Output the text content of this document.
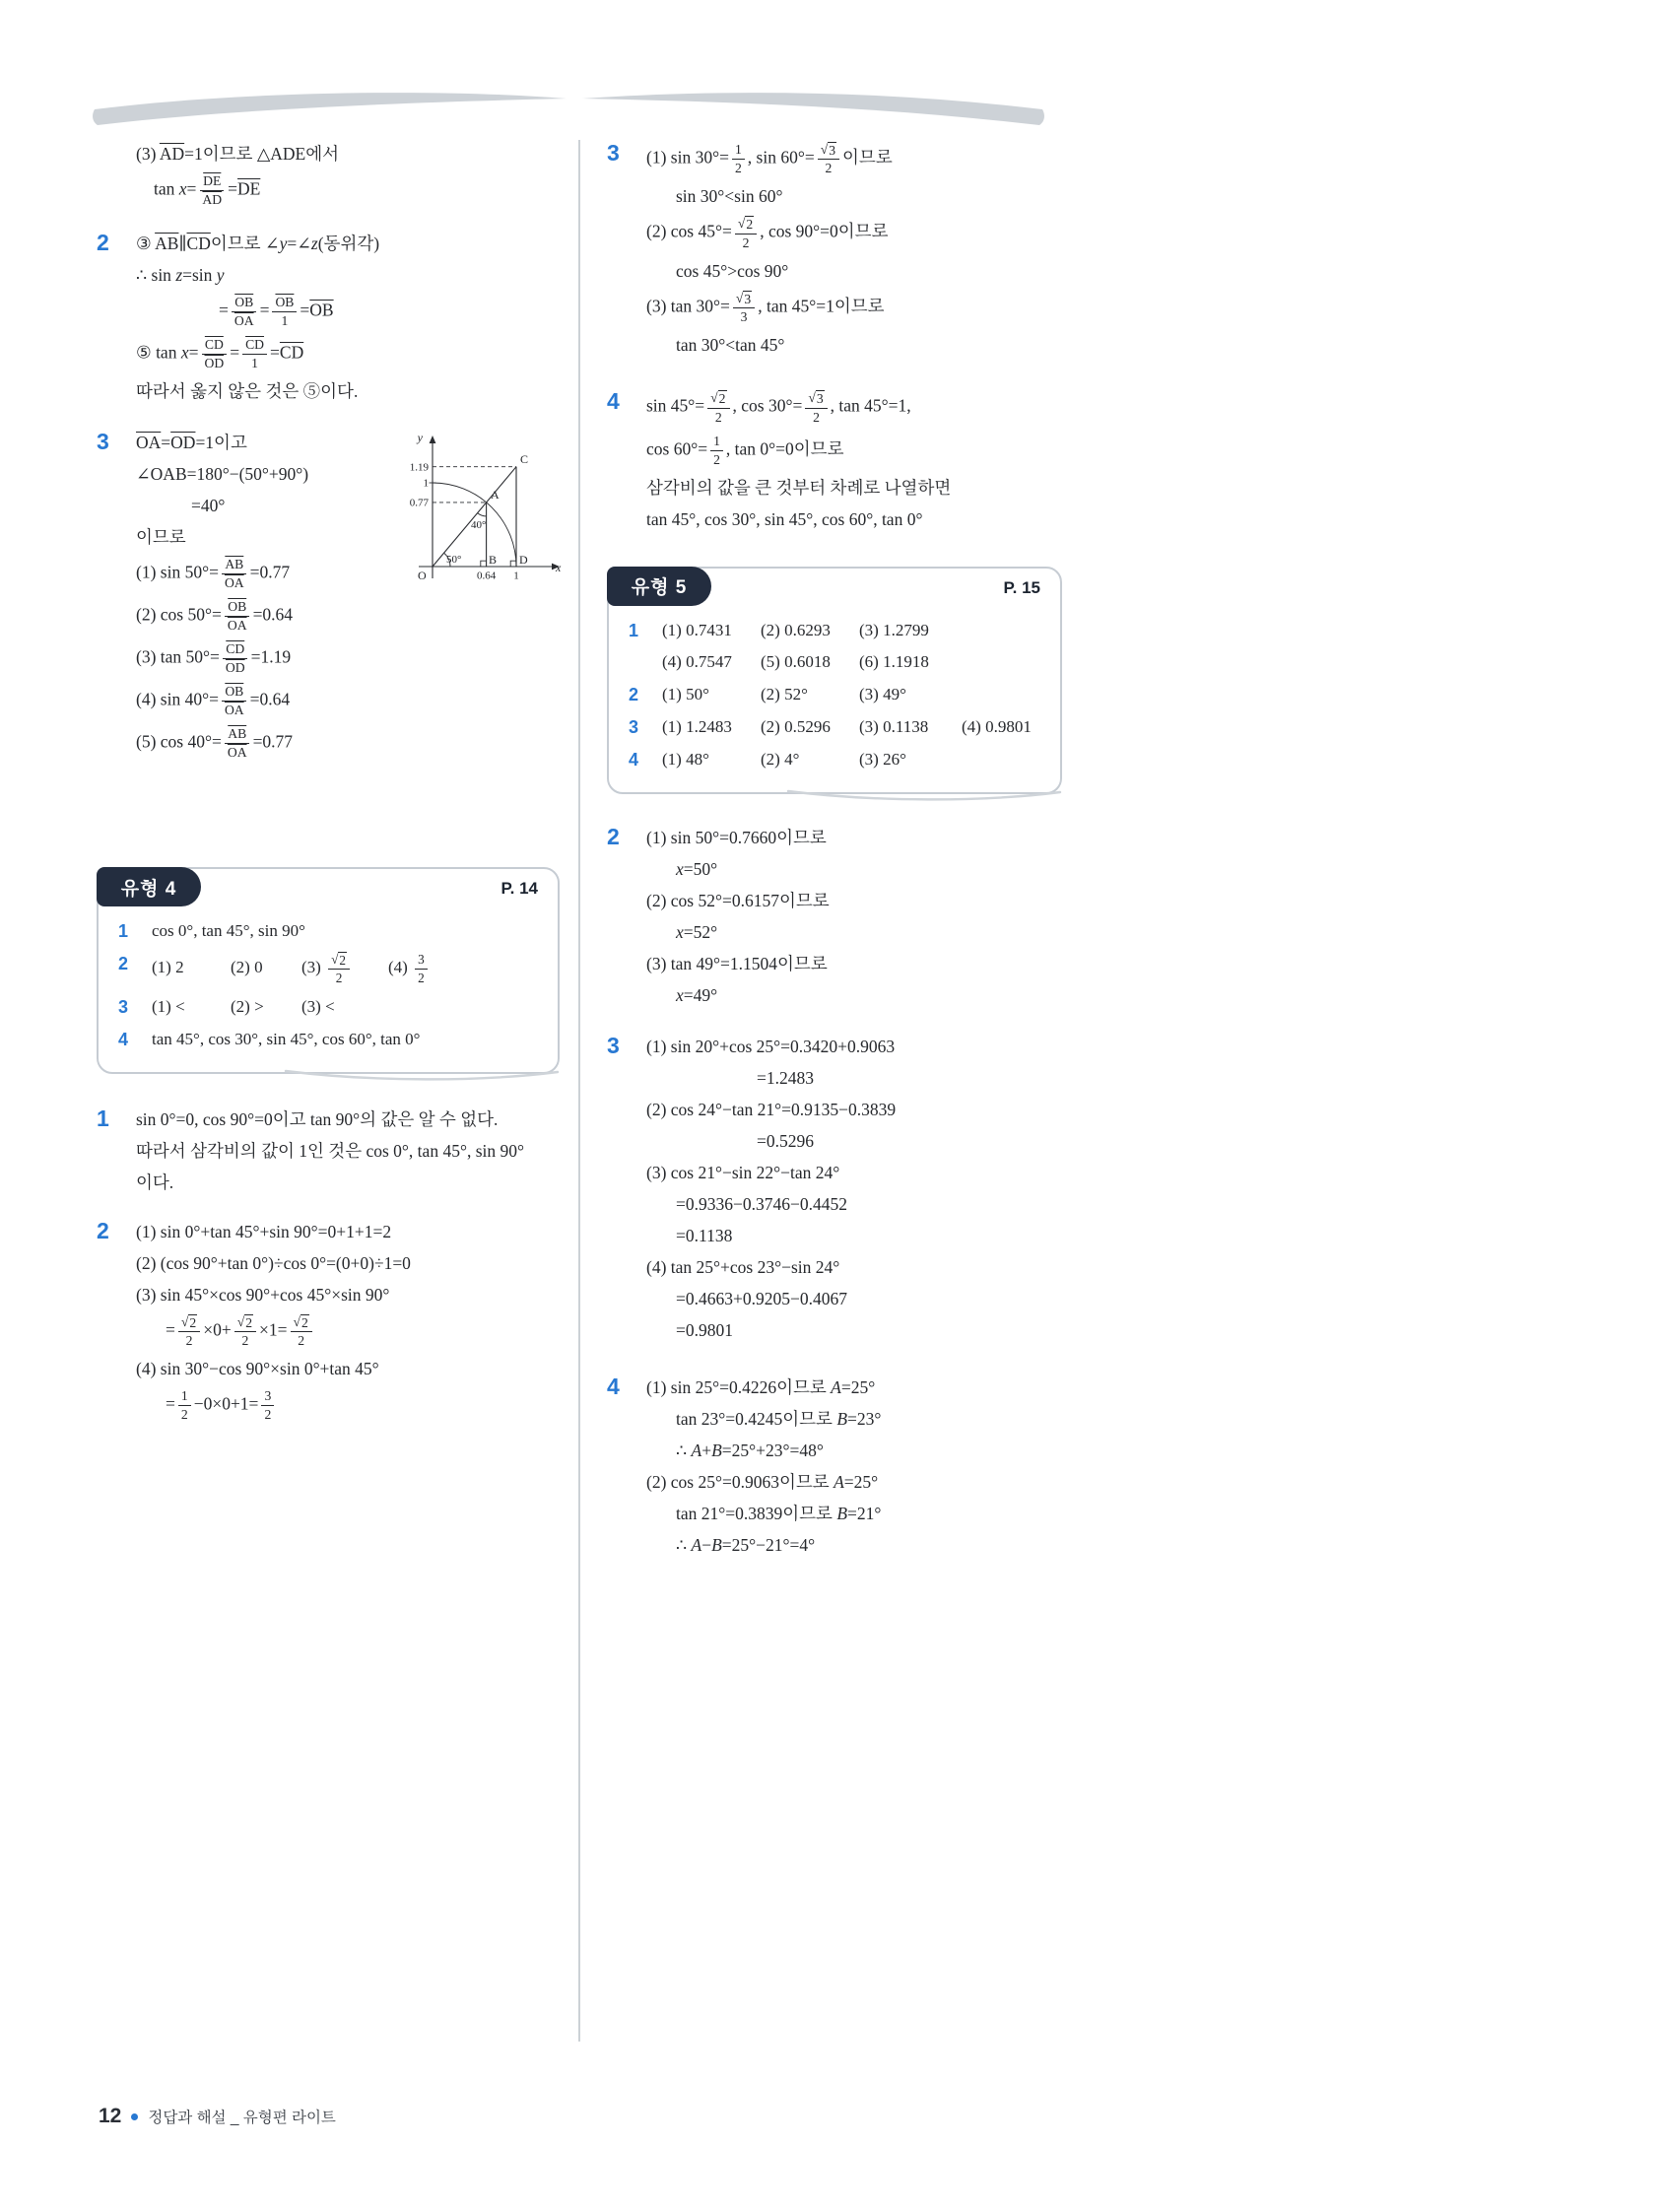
(3) $\overline{AD}=1$이므로 △ADE에서
$\tan x= \frac{\overline{DE}}{AD} =\overline{DE}$
2	③ $\overline{AB}\parallel\overline{CD}$이므로 ∠y=∠z(동위각)
∴ sin z=sin y
= $\frac{\overline{OB}}{OA} = \frac{\overline{OB}}{1} =\overline{OB}$
⑤ $\tan x= \frac{\overline{CD}}{OD} = \frac{\overline{CD}}{1} =\overline{CD}$
따라서 옳지 않은 것은 ⑤이다.
3	$\overline{OA}=\overline{OD}=1$이고
∠OAB=180°−(50°+90°)
=40°
이므로
(1) $\sin 50^\circ= \frac{\overline{AB}}{OA} =0.77$
(2) $\cos 50^\circ= \frac{\overline{OB}}{OA} =0.64$
(3) $\tan 50^\circ= \frac{\overline{CD}}{OD} =1.19$
(4) $\sin 40^\circ= \frac{\overline{OB}}{OA} =0.64$
(5) $\cos 40^\circ= \frac{\overline{AB}}{OA} =0.77$
y
x
O
C
A
B D
1.19
1
0.77
0.64 1
50°
40°
유형 4	P. 14
1	cos 0°, tan 45°, sin 90°
2	(1) 2	(2) 0	$(3) \frac{√ 2}{2} (4) \frac{3}{2}$
3	(1) <	(2) >	(3) <
4	tan 45°, cos 30°, sin 45°, cos 60°, tan 0°
1	sin 0°=0, cos 90°=0이고 tan 90°의 값은 알 수 없다.
따라서 삼각비의 값이 1인 것은 cos 0°, tan 45°, sin 90°
이다.
2	(1) sin 0°+tan 45°+sin 90°=0+1+1=2
(2) (cos 90°+tan 0°)÷cos 0°=(0+0)÷1=0
(3) sin 45°×cos 90°+cos 45°×sin 90°
= $\frac{√ 2}{2} \times 0+ \frac{√ 2}{2} \times 1= \frac{√ 2}{2}$
(4) sin 30°−cos 90°×sin 0°+tan 45°
= $\frac{1}{2} -0\times 0+1= \frac{3}{2}$
3	(1) $\sin 30^\circ= \frac{1}{2}$ , $\sin 60^\circ= \frac{√ 3}{2}$ 이므로
sin 30°<sin 60°
(2) $\cos 45^\circ= \frac{√ 2}{2}$ , cos 90°=0이므로
cos 45°>cos 90°
(3) $\tan 30^\circ= \frac{√ 3}{3}$ , tan 45°=1이므로
tan 30°<tan 45°
4	$\sin 45^\circ= \frac{√ 2}{2}$ , $\cos 30^\circ= \frac{√ 3}{2}$ , tan 45°=1,
$\cos 60^\circ= \frac{1}{2}$ , tan 0°=0이므로
삼각비의 값을 큰 것부터 차례로 나열하면
tan 45°, cos 30°, sin 45°, cos 60°, tan 0°
유형 5	P. 15
1	(1) 0.7431	(2) 0.6293	(3) 1.2799
(4) 0.7547	(5) 0.6018	(6) 1.1918
2	(1) 50°	(2) 52°	(3) 49°
3	(1) 1.2483	(2) 0.5296	(3) 0.1138	(4) 0.9801
4	(1) 48°	(2) 4°	(3) 26°
2	(1) sin 50°=0.7660이므로
x=50°
(2) cos 52°=0.6157이므로
x=52°
(3) tan 49°=1.1504이므로
x=49°
3	(1) sin 20°+cos 25°=0.3420+0.9063
=1.2483
(2) cos 24°−tan 21°=0.9135−0.3839
=0.5296
(3) cos 21°−sin 22°−tan 24°
=0.9336−0.3746−0.4452
=0.1138
(4) tan 25°+cos 23°−sin 24°
=0.4663+0.9205−0.4067
=0.9801
4	(1) sin 25°=0.4226이므로 A=25°
tan 23°=0.4245이므로 B=23°
∴ A+B=25°+23°=48°
(2) cos 25°=0.9063이므로 A=25°
tan 21°=0.3839이므로 B=21°
∴ A−B=25°−21°=4°
12 정답과 해설 _ 유형편 라이트
